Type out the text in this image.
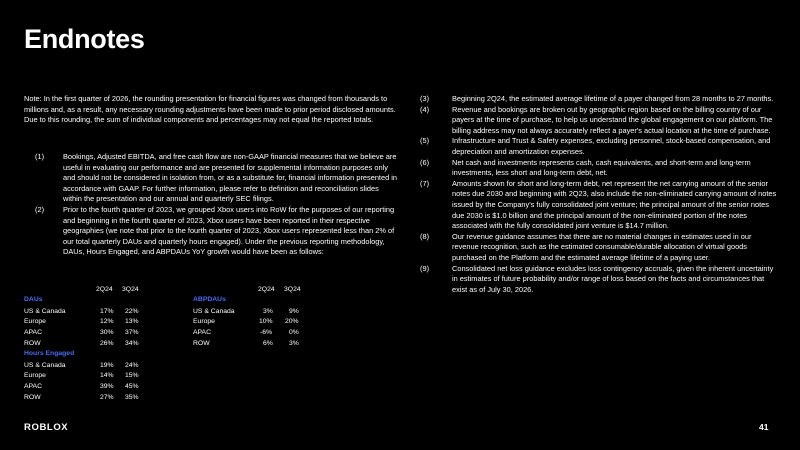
Endnotes
Note: In the first quarter of 2026, the rounding presentation for financial figures was changed from thousands to millions and, as a result, any necessary rounding adjustments have been made to prior period disclosed amounts. Due to this rounding, the sum of individual components and percentages may not equal the reported totals.
(1)	Bookings, Adjusted EBITDA, and free cash flow are non-GAAP financial measures that we believe are useful in evaluating our performance and are presented for supplemental information purposes only and should not be considered in isolation from, or as a substitute for, financial information presented in accordance with GAAP. For further information, please refer to definition and reconciliation slides within the presentation and our annual and quarterly SEC filings.
(2)	Prior to the fourth quarter of 2023, we grouped Xbox users into RoW for the purposes of our reporting and beginning in the fourth quarter of 2023, Xbox users have been reported in their respective geographies (we note that prior to the fourth quarter of 2023, Xbox users represented less than 2% of our total quarterly DAUs and quarterly hours engaged). Under the previous reporting methodology, DAUs, Hours Engaged, and ABPDAUs YoY growth would have been as follows:
2Q24 3Q24
DAUs
US & Canada	17% 22%
Europe	12% 13%
APAC	30% 37%
ROW	26% 34%
Hours Engaged
US & Canada	19% 24%
Europe	14% 15%
APAC	39% 45%
ROW	27% 35%
2Q24 3Q24
ABPDAUs
US & Canada	3% 9%
Europe	10% 20%
APAC	-6% 0%
ROW	6% 3%
(3)	Beginning 2Q24, the estimated average lifetime of a payer changed from 28 months to 27 months.
(4)	Revenue and bookings are broken out by geographic region based on the billing country of our payers at the time of purchase, to help us understand the global engagement on our platform. The billing address may not always accurately reflect a payer's actual location at the time of purchase.
(5)	Infrastructure and Trust & Safety expenses, excluding personnel, stock-based compensation, and depreciation and amortization expenses.
(6)	Net cash and investments represents cash, cash equivalents, and short-term and long-term investments, less short and long-term debt, net.
(7)	Amounts shown for short and long-term debt, net represent the net carrying amount of the senior notes due 2030 and beginning with 2Q23, also include the non-eliminated carrying amount of notes issued by the Company's fully consolidated joint venture; the principal amount of the senior notes due 2030 is $1.0 billion and the principal amount of the non-eliminated portion of the notes associated with the fully consolidated joint venture is $14.7 million.
(8)	Our revenue guidance assumes that there are no material changes in estimates used in our revenue recognition, such as the estimated consumable/durable allocation of virtual goods purchased on the Platform and the estimated average lifetime of a paying user.
(9)	Consolidated net loss guidance excludes loss contingency accruals, given the inherent uncertainty in estimates of future probability and/or range of loss based on the facts and circumstances that exist as of July 30, 2026.
ROBLOX	41
